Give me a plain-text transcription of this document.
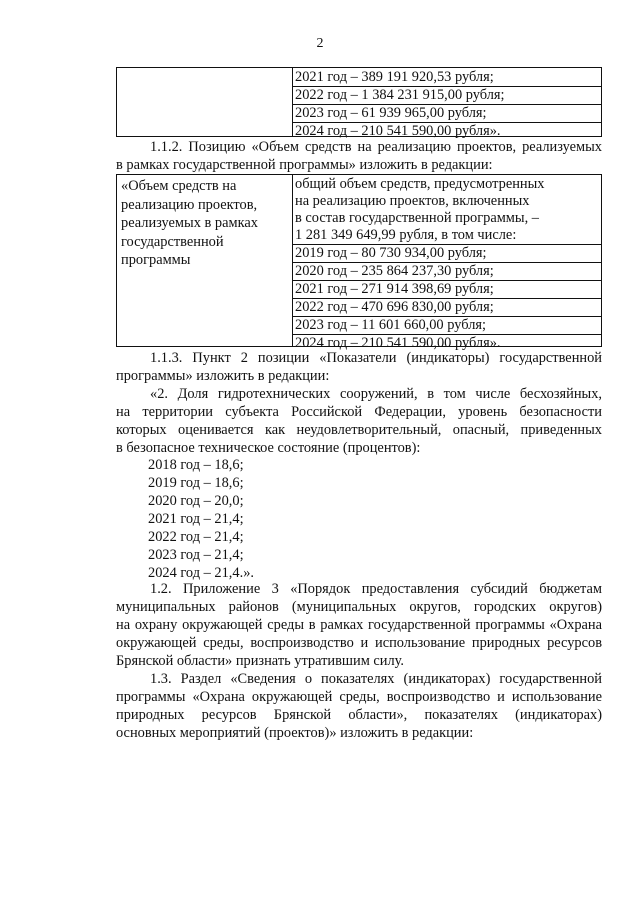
2
2021 год – 389 191 920,53 рубля;
2022 год – 1 384 231 915,00 рубля;
2023 год – 61 939 965,00 рубля;
2024 год – 210 541 590,00 рубля».
1.1.2. Позицию «Объем средств на реализацию проектов, реализуемых
в рамках государственной программы» изложить в редакции:
«Объем средств на
реализацию проектов,
реализуемых в рамках
государственной
программы
общий объем средств, предусмотренных
на реализацию проектов, включенных
в состав государственной программы, –
1 281 349 649,99 рубля, в том числе:
2019 год – 80 730 934,00 рубля;
2020 год – 235 864 237,30 рубля;
2021 год – 271 914 398,69 рубля;
2022 год – 470 696 830,00 рубля;
2023 год – 11 601 660,00 рубля;
2024 год – 210 541 590,00 рубля».
1.1.3. Пункт 2 позиции «Показатели (индикаторы) государственной
программы» изложить в редакции:
«2. Доля гидротехнических сооружений, в том числе бесхозяйных,
на территории субъекта Российской Федерации, уровень безопасности
которых оценивается как неудовлетворительный, опасный, приведенных
в безопасное техническое состояние (процентов):
2018 год – 18,6;
2019 год – 18,6;
2020 год – 20,0;
2021 год – 21,4;
2022 год – 21,4;
2023 год – 21,4;
2024 год – 21,4.».
1.2. Приложение 3 «Порядок предоставления субсидий бюджетам
муниципальных районов (муниципальных округов, городских округов)
на охрану окружающей среды в рамках государственной программы «Охрана
окружающей среды, воспроизводство и использование природных ресурсов
Брянской области» признать утратившим силу.
1.3. Раздел «Сведения о показателях (индикаторах) государственной
программы «Охрана окружающей среды, воспроизводство и использование
природных ресурсов Брянской области», показателях (индикаторах)
основных мероприятий (проектов)» изложить в редакции:
